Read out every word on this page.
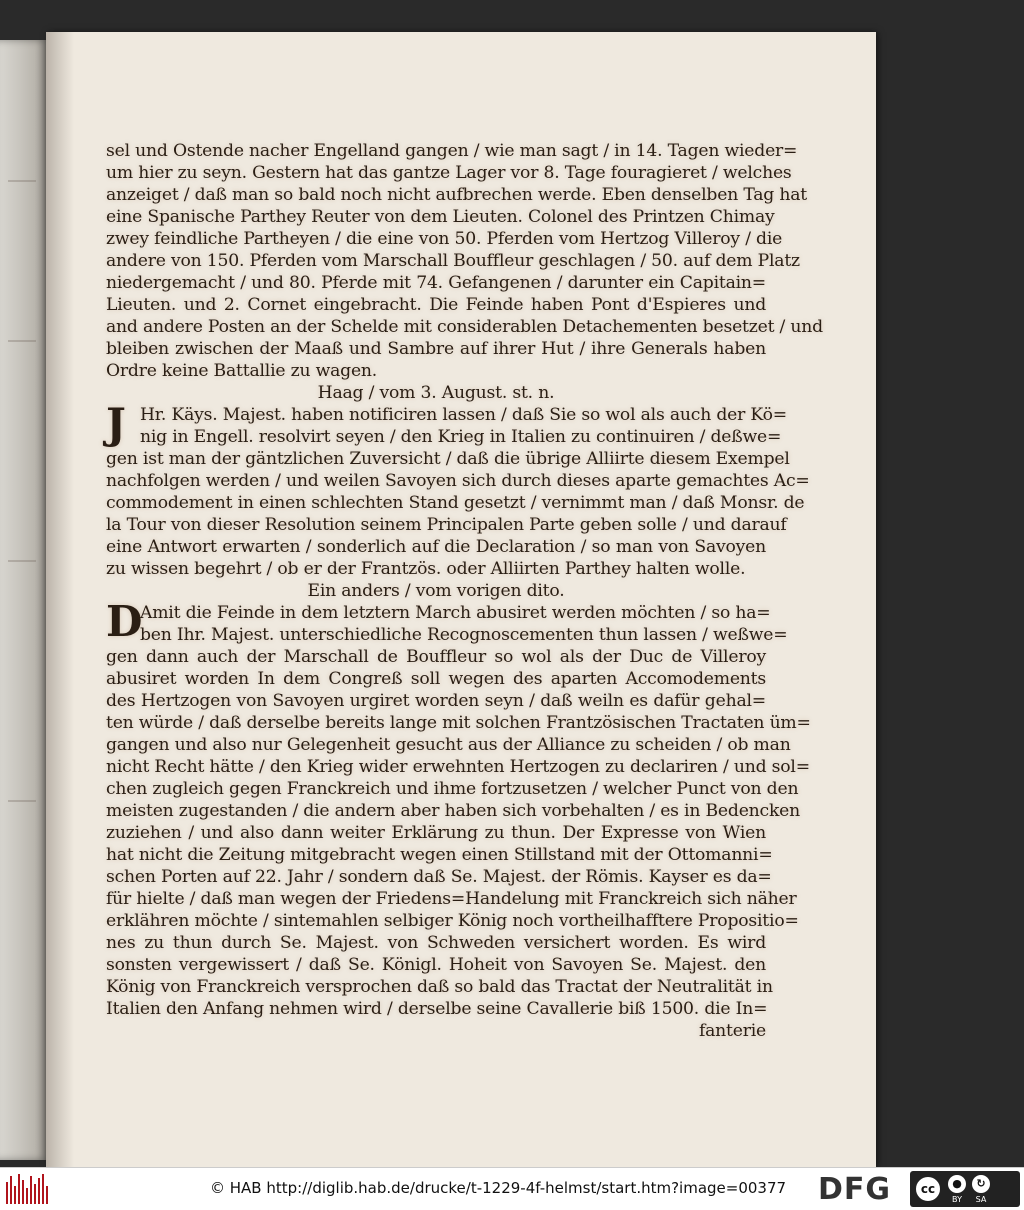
sel und Ostende nacher Engelland gangen / wie man sagt / in 14. Tagen wieder=
um hier zu seyn. Gestern hat das gantze Lager vor 8. Tage fouragieret / welches
anzeiget / daß man so bald noch nicht aufbrechen werde. Eben denselben Tag hat
eine Spanische Parthey Reuter von dem Lieuten. Colonel des Printzen Chimay
zwey feindliche Partheyen / die eine von 50. Pferden vom Hertzog Villeroy / die
andere von 150. Pferden vom Marschall Boufflеur geschlagen / 50. auf dem Platz
niedergemacht / und 80. Pferde mit 74. Gefangenen / darunter ein Capitain=
Lieuten. und 2. Cornet eingebracht. Die Feinde haben Pont d'Espieres und
and andere Posten an der Schelde mit considerablen Detachementen besetzet / und
bleiben zwischen der Maaß und Sambre auf ihrer Hut / ihre Generals haben
Ordre keine Battallie zu wagen.
Haag / vom 3. August. st. n.
J Hr. Käys. Majest. haben notificiren lassen / daß Sie so wol als auch der Kö=
nig in Engell. resolvirt seyen / den Krieg in Italien zu continuiren / deßwe=
gen ist man der gäntzlichen Zuversicht / daß die übrige Alliirte diesem Exempel
nachfolgen werden / und weilen Savoyen sich durch dieses aparte gemachtes Ac=
commodement in einen schlechten Stand gesetzt / vernimmt man / daß Monsr. de
la Tour von dieser Resolution seinem Principalen Parte geben solle / und darauf
eine Antwort erwarten / sonderlich auf die Declaration / so man von Savoyen
zu wissen begehrt / ob er der Frantzös. oder Alliirten Parthey halten wolle.
Ein anders / vom vorigen dito.
D
Amit die Feinde in dem letztern March abusiret werden möchten / so ha=
ben Ihr. Majest. unterschiedliche Recognoscementen thun lassen / weßwe=
gen dann auch der Marschall de Boufflеur so wol als der Duc de Villeroy
abusiret worden In dem Congreß soll wegen des aparten Accomodements
des Hertzogen von Savoyen urgiret worden seyn / daß weiln es dafür gehal=
ten würde / daß derselbe bereits lange mit solchen Frantzösischen Tractaten üm=
gangen und also nur Gelegenheit gesucht aus der Alliance zu scheiden / ob man
nicht Recht hätte / den Krieg wider erwehnten Hertzogen zu declariren / und sol=
chen zugleich gegen Franckreich und ihme fortzusetzen / welcher Punct von den
meisten zugestanden / die andern aber haben sich vorbehalten / es in Bedencken
zuziehen / und also dann weiter Erklärung zu thun. Der Expresse von Wien
hat nicht die Zeitung mitgebracht wegen einen Stillstand mit der Ottomanni=
schen Porten auf 22. Jahr / sondern daß Se. Majest. der Römis. Kayser es da=
für hielte / daß man wegen der Friedens=Handelung mit Franckreich sich näher
erklähren möchte / sintemahlen selbiger König noch vortheilhafftere Propositio=
nes zu thun durch Se. Majest. von Schweden versichert worden. Es wird
sonsten vergewissert / daß Se. Königl. Hoheit von Savoyen Se. Majest. den
König von Franckreich versprochen daß so bald das Tractat der Neutralität in
Italien den Anfang nehmen wird / derselbe seine Cavallerie biß 1500. die In=
fanterie
© HAB http://diglib.hab.de/drucke/t-1229-4f-helmst/start.htm?image=00377 DFG	cc	●
BY
↻
SA
